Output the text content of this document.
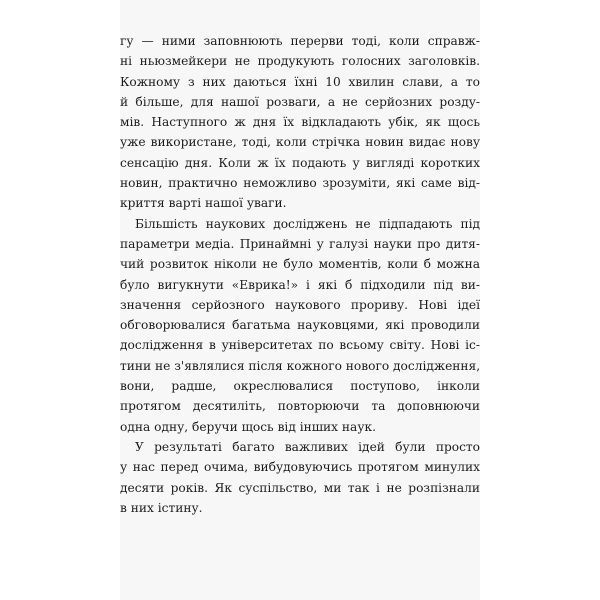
гу — ними заповнюють перерви тоді, коли справж-
ні ньюзмейкери не продукують голосних заголовків.
Кожному з них даються їхні 10 хвилин слави, а то
й більше, для нашої розваги, а не серйозних розду-
мів. Наступного ж дня їх відкладають убік, як щось
уже використане, тоді, коли стрічка новин видає нову
сенсацію дня. Коли ж їх подають у вигляді коротких
новин, практично неможливо зрозуміти, які саме від-
криття варті нашої уваги.
Більшість наукових досліджень не підпадають під
параметри медіа. Принаймні у галузі науки про дитя-
чий розвиток ніколи не було моментів, коли б можна
було вигукнути «Еврика!» і які б підходили під ви-
значення серйозного наукового прориву. Нові ідеї
обговорювалися багатьма науковцями, які проводили
дослідження в університетах по всьому світу. Нові іс-
тини не з'являлися після кожного нового дослідження,
вони, радше, окреслювалися поступово, інколи
протягом десятиліть, повторюючи та доповнюючи
одна одну, беручи щось від інших наук.
У результаті багато важливих ідей були просто
у нас перед очима, вибудовуючись протягом минулих
десяти років. Як суспільство, ми так і не розпізнали
в них істину.
